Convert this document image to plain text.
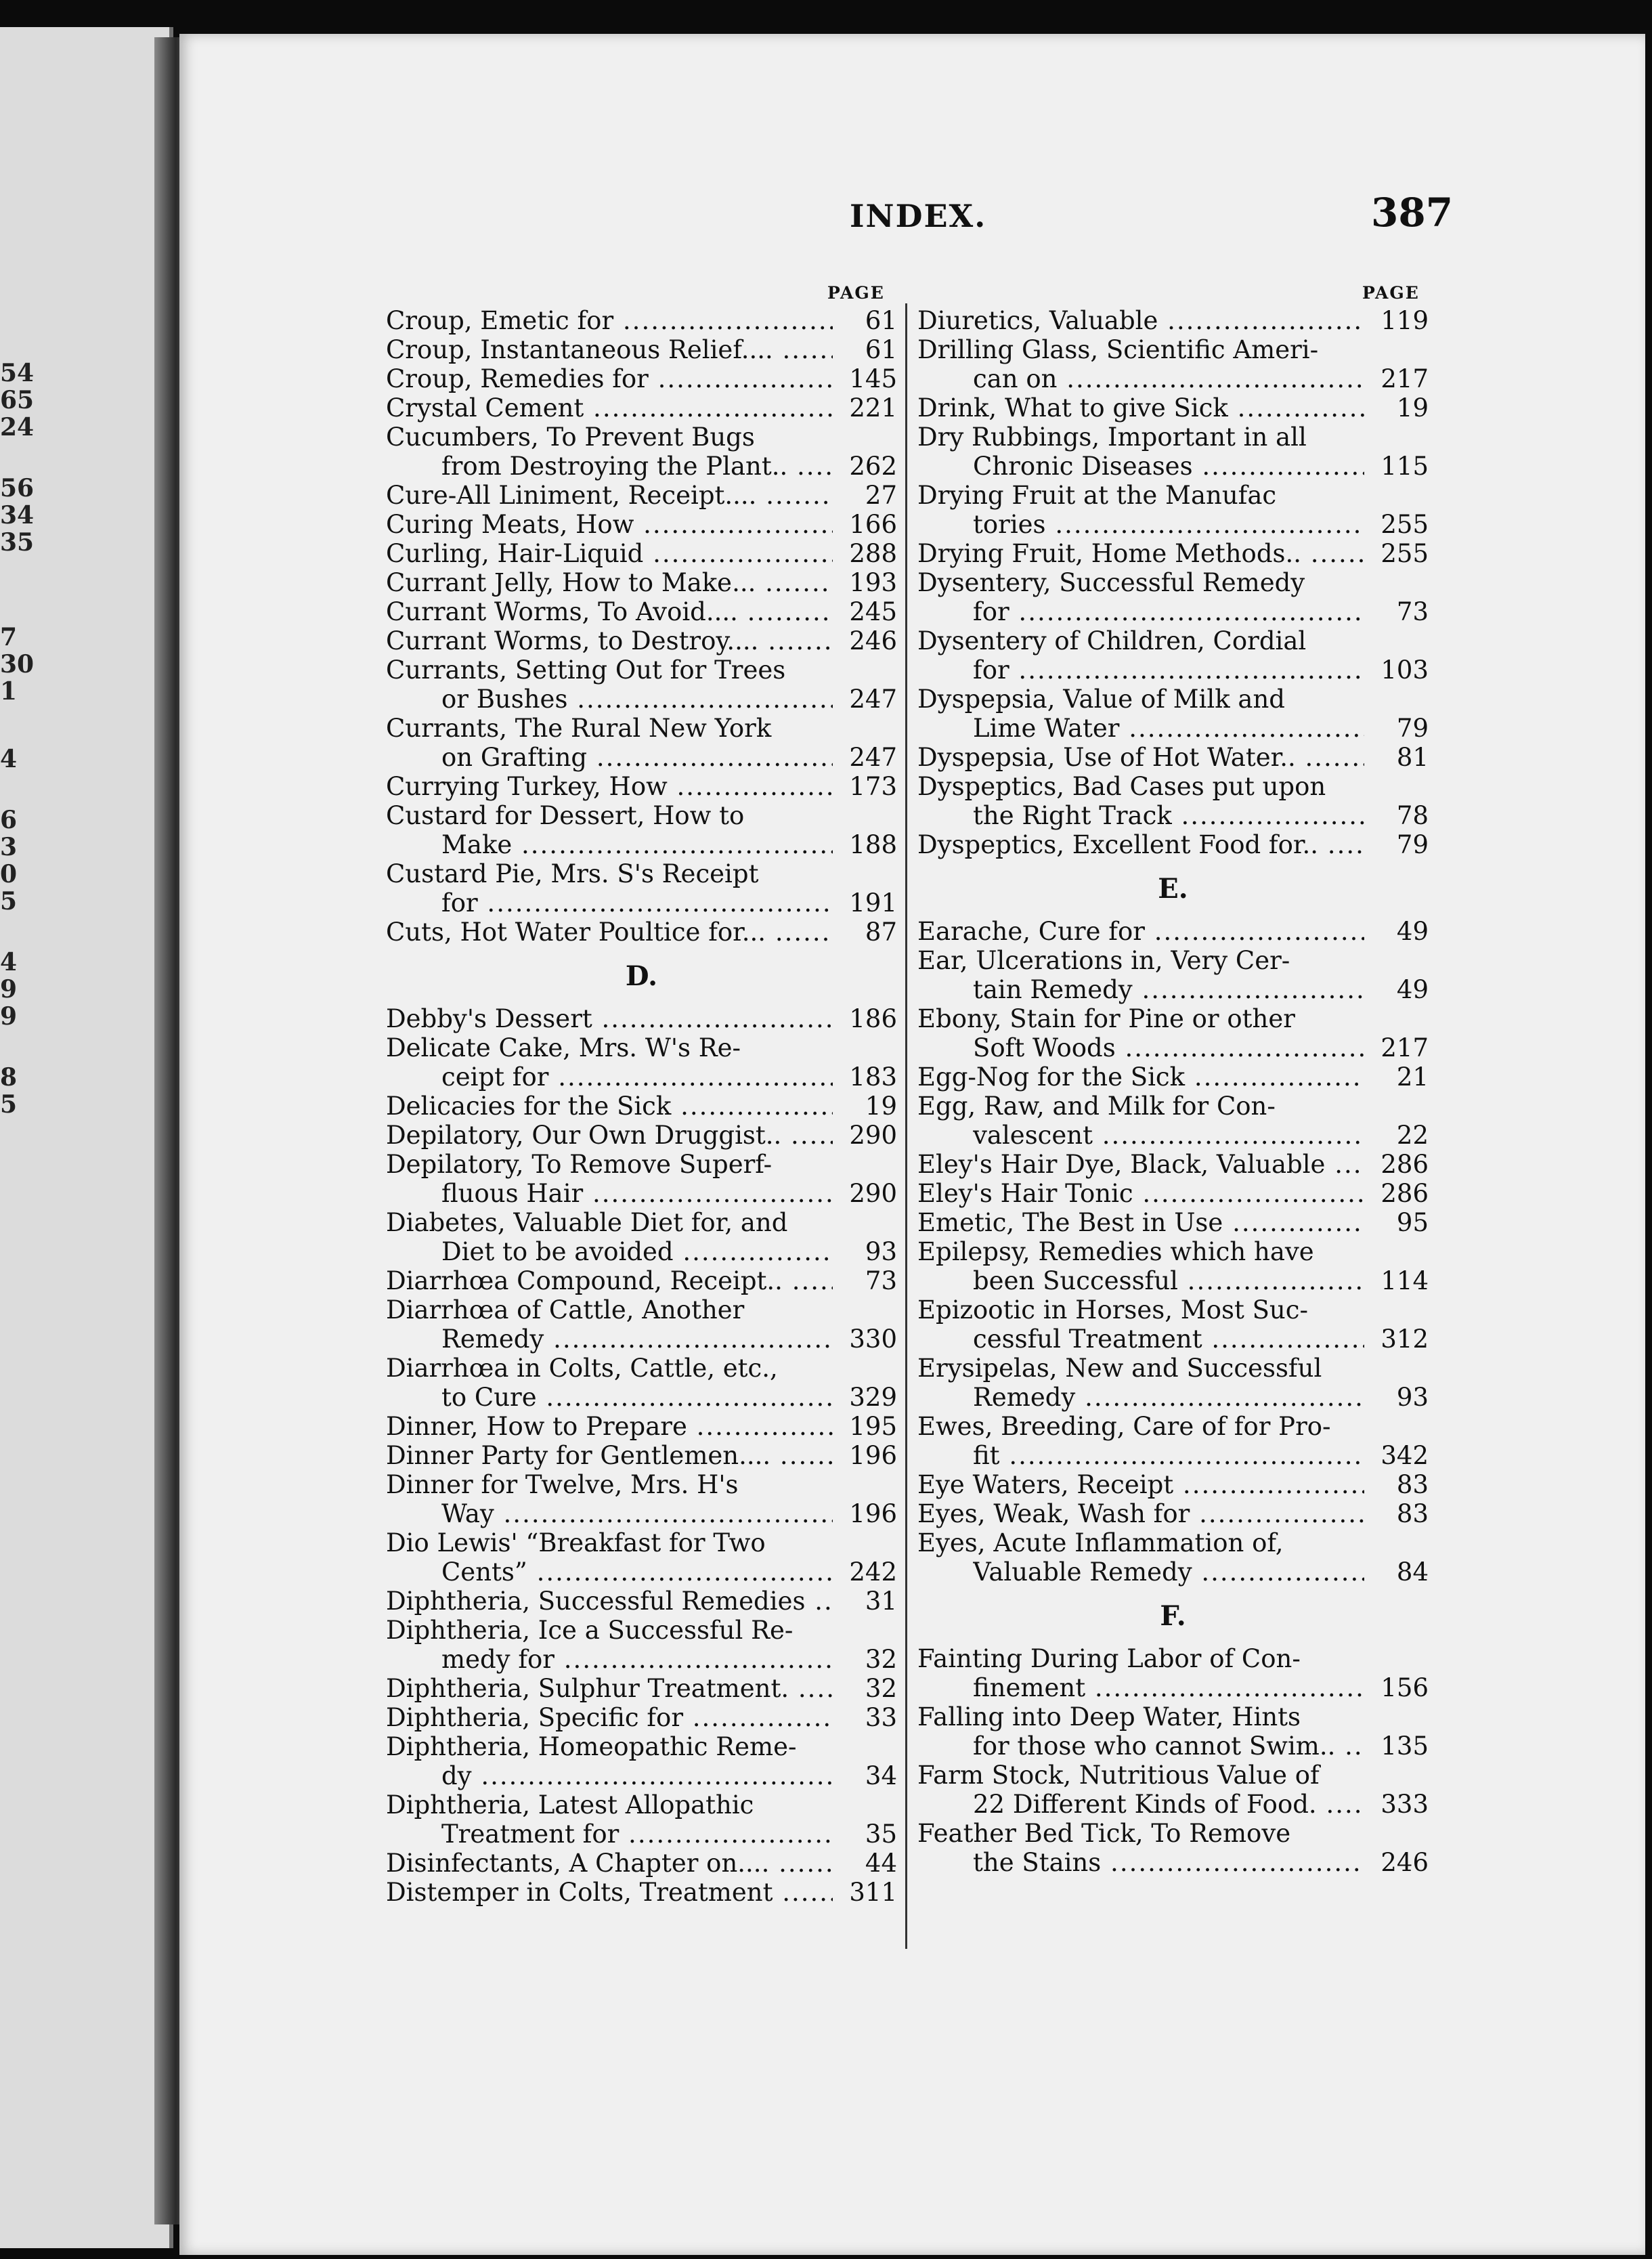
INDEX.	387
PAGE	PAGE
Croup, Emetic for .....	61
Croup, Instantaneous Relief.... .....	61
Croup, Remedies for .....	145
Crystal Cement .....	221
Cucumbers, To Prevent Bugs
from Destroying the Plant.. .....	262
Cure-All Liniment, Receipt.... .....	27
Curing Meats, How .....	166
Curling, Hair-Liquid .....	288
Currant Jelly, How to Make... .....	193
Currant Worms, To Avoid.... .....	245
Currant Worms, to Destroy.... .....	246
Currants, Setting Out for Trees
or Bushes .....	247
Currants, The Rural New York
on Grafting .....	247
Currying Turkey, How .....	173
Custard for Dessert, How to
Make .....	188
Custard Pie, Mrs. S's Receipt
for .....	191
Cuts, Hot Water Poultice for... .....	87
D.
Debby's Dessert .....	186
Delicate Cake, Mrs. W's Re-
ceipt for .....	183
Delicacies for the Sick .....	19
Depilatory, Our Own Druggist.. .....	290
Depilatory, To Remove Superf-
fluous Hair .....	290
Diabetes, Valuable Diet for, and
Diet to be avoided .....	93
Diarrhœa Compound, Receipt.. .....	73
Diarrhœa of Cattle, Another
Remedy .....	330
Diarrhœa in Colts, Cattle, etc.,
to Cure .....	329
Dinner, How to Prepare .....	195
Dinner Party for Gentlemen.... .....	196
Dinner for Twelve, Mrs. H's
Way .....	196
Dio Lewis' “Breakfast for Two
Cents” .....	242
Diphtheria, Successful Remedies .....	31
Diphtheria, Ice a Successful Re-
medy for .....	32
Diphtheria, Sulphur Treatment. .....	32
Diphtheria, Specific for .....	33
Diphtheria, Homeopathic Reme-
dy .....	34
Diphtheria, Latest Allopathic
Treatment for .....	35
Disinfectants, A Chapter on.... .....	44
Distemper in Colts, Treatment .....	311
Diuretics, Valuable .....	119
Drilling Glass, Scientific Ameri-
can on .....	217
Drink, What to give Sick .....	19
Dry Rubbings, Important in all
Chronic Diseases .....	115
Drying Fruit at the Manufac
tories .....	255
Drying Fruit, Home Methods.. .....	255
Dysentery, Successful Remedy
for .....	73
Dysentery of Children, Cordial
for .....	103
Dyspepsia, Value of Milk and
Lime Water .....	79
Dyspepsia, Use of Hot Water.. .....	81
Dyspeptics, Bad Cases put upon
the Right Track .....	78
Dyspeptics, Excellent Food for.. .....	79
E.
Earache, Cure for .....	49
Ear, Ulcerations in, Very Cer-
tain Remedy .....	49
Ebony, Stain for Pine or other
Soft Woods .....	217
Egg-Nog for the Sick .....	21
Egg, Raw, and Milk for Con-
valescent .....	22
Eley's Hair Dye, Black, Valuable .....	286
Eley's Hair Tonic .....	286
Emetic, The Best in Use .....	95
Epilepsy, Remedies which have
been Successful .....	114
Epizootic in Horses, Most Suc-
cessful Treatment .....	312
Erysipelas, New and Successful
Remedy .....	93
Ewes, Breeding, Care of for Pro-
fit .....	342
Eye Waters, Receipt .....	83
Eyes, Weak, Wash for .....	83
Eyes, Acute Inflammation of,
Valuable Remedy .....	84
F.
Fainting During Labor of Con-
finement .....	156
Falling into Deep Water, Hints
for those who cannot Swim.. .....	135
Farm Stock, Nutritious Value of
22 Different Kinds of Food. .....	333
Feather Bed Tick, To Remove
the Stains .....	246
54
65
24
56
34
35
7
30
1
4
6
3
0
5
4
9
9
8
5
